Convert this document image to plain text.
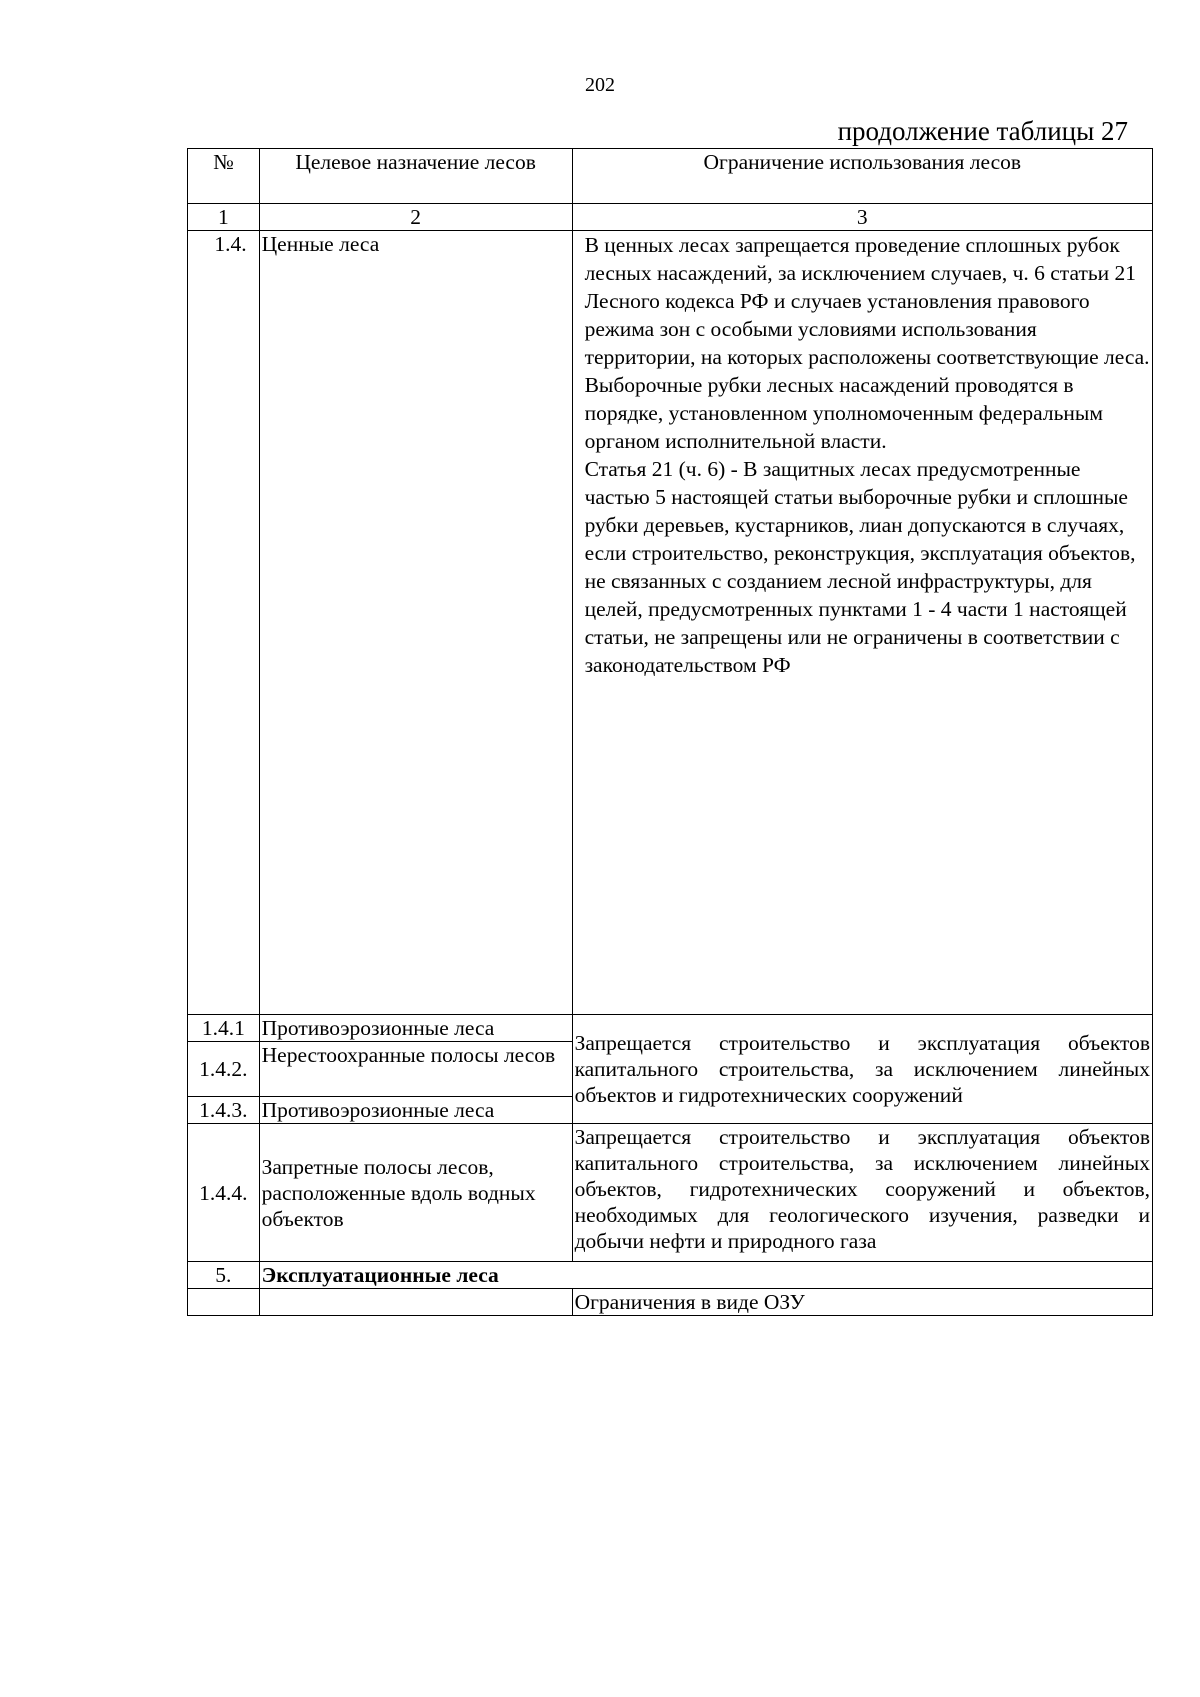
202
продолжение таблицы 27
№	Целевое назначение лесов	Ограничение использования лесов
1	2	3
1.4.	Ценные леса	В ценных лесах запрещается проведение сплошных рубок лесных насаждений, за исключением случаев, ч. 6 статьи 21 Лесного кодекса РФ и случаев установления правового режима зон с особыми условиями использования территории, на которых расположены соответствующие леса.

Выборочные рубки лесных насаждений проводятся в порядке, установленном уполномоченным федеральным органом исполнительной власти.

Статья 21 (ч. 6) - В защитных лесах предусмотренные частью 5 настоящей статьи выборочные рубки и сплошные рубки деревьев, кустарников, лиан допускаются в случаях, если строительство, реконструкция, эксплуатация объектов, не связанных с созданием лесной инфраструктуры, для целей, предусмотренных пунктами 1 - 4 части 1 настоящей статьи, не запрещены или не ограничены в соответствии с законодательством РФ

1.4.1	Противоэрозионные леса	Запрещается строительство и эксплуатация объектов капитального строительства, за исключением линейных объектов и гидротехнических сооружений
1.4.2.	Нерестоохранные полосы лесов	
1.4.3.	Противоэрозионные леса	
1.4.4.	Запретные полосы лесов, расположенные вдоль водных объектов	Запрещается строительство и эксплуатация объектов капитального строительства, за исключением линейных объектов, гидротехнических сооружений и объектов, необходимых для геологического изучения, разведки и добычи нефти и природного газа
5.	Эксплуатационные леса	
		Ограничения в виде ОЗУ
